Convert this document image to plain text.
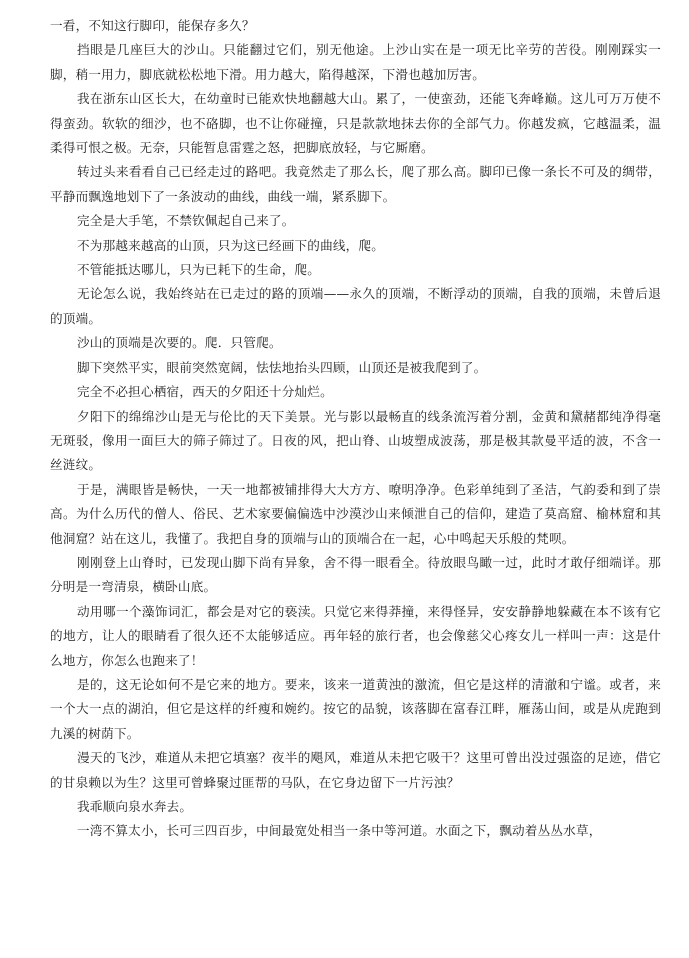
一看，不知这行脚印，能保存多久？

挡眼是几座巨大的沙山。只能翻过它们，别无他途。上沙山实在是一项无比辛劳的苦役。刚刚踩实一脚，稍一用力，脚底就松松地下滑。用力越大，陷得越深，下滑也越加厉害。

我在浙东山区长大，在幼童时已能欢快地翻越大山。累了，一使蛮劲，还能飞奔峰巅。这儿可万万使不得蛮劲。软软的细沙，也不硌脚，也不让你碰撞，只是款款地抹去你的全部气力。你越发疯，它越温柔，温柔得可恨之极。无奈，只能暂息雷霆之怒，把脚底放轻，与它厮磨。

转过头来看看自己已经走过的路吧。我竟然走了那么长，爬了那么高。脚印已像一条长不可及的绸带，平静而飘逸地划下了一条波动的曲线，曲线一端，紧系脚下。

完全是大手笔，不禁钦佩起自己来了。

不为那越来越高的山顶，只为这已经画下的曲线，爬。

不管能抵达哪儿，只为已耗下的生命，爬。

无论怎么说，我始终站在已走过的路的顶端——永久的顶端，不断浮动的顶端，自我的顶端，未曾后退的顶端。

沙山的顶端是次要的。爬．只管爬。

脚下突然平实，眼前突然宽阔，怯怯地抬头四顾，山顶还是被我爬到了。

完全不必担心栖宿，西天的夕阳还十分灿烂。

夕阳下的绵绵沙山是无与伦比的天下美景。光与影以最畅直的线条流泻着分割，金黄和黛赭都纯净得毫无斑驳，像用一面巨大的筛子筛过了。日夜的风，把山脊、山坡塑成波荡，那是极其款曼平适的波，不含一丝涟纹。

于是，满眼皆是畅快，一天一地都被铺排得大大方方、嘹明净净。色彩单纯到了圣洁，气韵委和到了崇高。为什么历代的僧人、俗民、艺术家要偏偏选中沙漠沙山来倾泄自己的信仰，建造了莫高窟、榆林窟和其他洞窟？站在这儿，我懂了。我把自身的顶端与山的顶端合在一起，心中鸣起天乐般的梵呗。

刚刚登上山脊时，已发现山脚下尚有异象，舍不得一眼看全。待放眼鸟瞰一过，此时才敢仔细端详。那分明是一弯清泉，横卧山底。

动用哪一个藻饰词汇，都会是对它的亵渎。只觉它来得莽撞，来得怪异，安安静静地躲藏在本不该有它的地方，让人的眼睛看了很久还不太能够适应。再年轻的旅行者，也会像慈父心疼女儿一样叫一声：这是什么地方，你怎么也跑来了！

是的，这无论如何不是它来的地方。要来，该来一道黄浊的激流，但它是这样的清澈和宁谧。或者，来一个大一点的湖泊，但它是这样的纤瘦和婉约。按它的品貌，该落脚在富春江畔，雁荡山间，或是从虎跑到九溪的树荫下。

漫天的飞沙，难道从未把它填塞？夜半的飓风，难道从未把它吸干？这里可曾出没过强盗的足迹，借它的甘泉赖以为生？这里可曾蜂聚过匪帮的马队，在它身边留下一片污浊？

我乖顺向泉水奔去。

一湾不算太小，长可三四百步，中间最宽处相当一条中等河道。水面之下，飘动着丛丛水草，
